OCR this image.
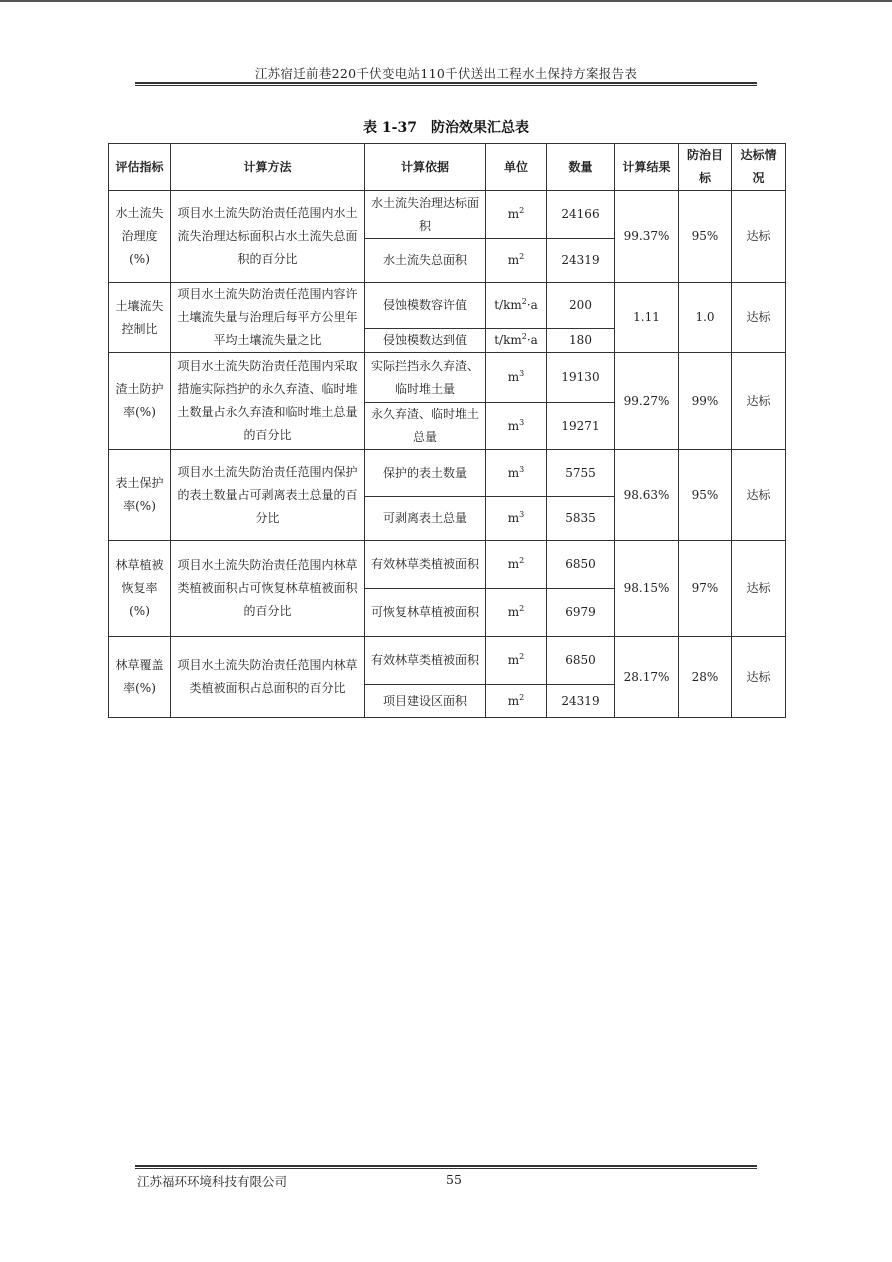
江苏宿迁前巷220千伏变电站110千伏送出工程水土保持方案报告表
表 1-37　防治效果汇总表
评估指标	计算方法	计算依据	单位	数量	计算结果	防治目标	达标情况
水土流失治理度(%)	项目水土流失防治责任范围内水土流失治理达标面积占水土流失总面积的百分比	水土流失治理达标面积	$m^2$	24166	99.37%	95%	达标
		水土流失总面积	$m^2$	24319			
土壤流失控制比	项目水土流失防治责任范围内容许土壤流失量与治理后每平方公里年平均土壤流失量之比	侵蚀模数容许值	$t/km^2\cdot a$	200	1.11	1.0	达标
		侵蚀模数达到值	$t/km^2\cdot a$	180			
渣土防护率(%)	项目水土流失防治责任范围内采取措施实际挡护的永久弃渣、临时堆土数量占永久弃渣和临时堆土总量的百分比	实际拦挡永久弃渣、临时堆土量	$m^3$	19130	99.27%	99%	达标
		永久弃渣、临时堆土总量	$m^3$	19271			
表土保护率(%)	项目水土流失防治责任范围内保护的表土数量占可剥离表土总量的百分比	保护的表土数量	$m^3$	5755	98.63%	95%	达标
		可剥离表土总量	$m^3$	5835			
林草植被恢复率(%)	项目水土流失防治责任范围内林草类植被面积占可恢复林草植被面积的百分比	有效林草类植被面积	$m^2$	6850	98.15%	97%	达标
		可恢复林草植被面积	$m^2$	6979			
林草覆盖率(%)	项目水土流失防治责任范围内林草类植被面积占总面积的百分比	有效林草类植被面积	$m^2$	6850	28.17%	28%	达标
		项目建设区面积	$m^2$	24319			
江苏福环环境科技有限公司	55
